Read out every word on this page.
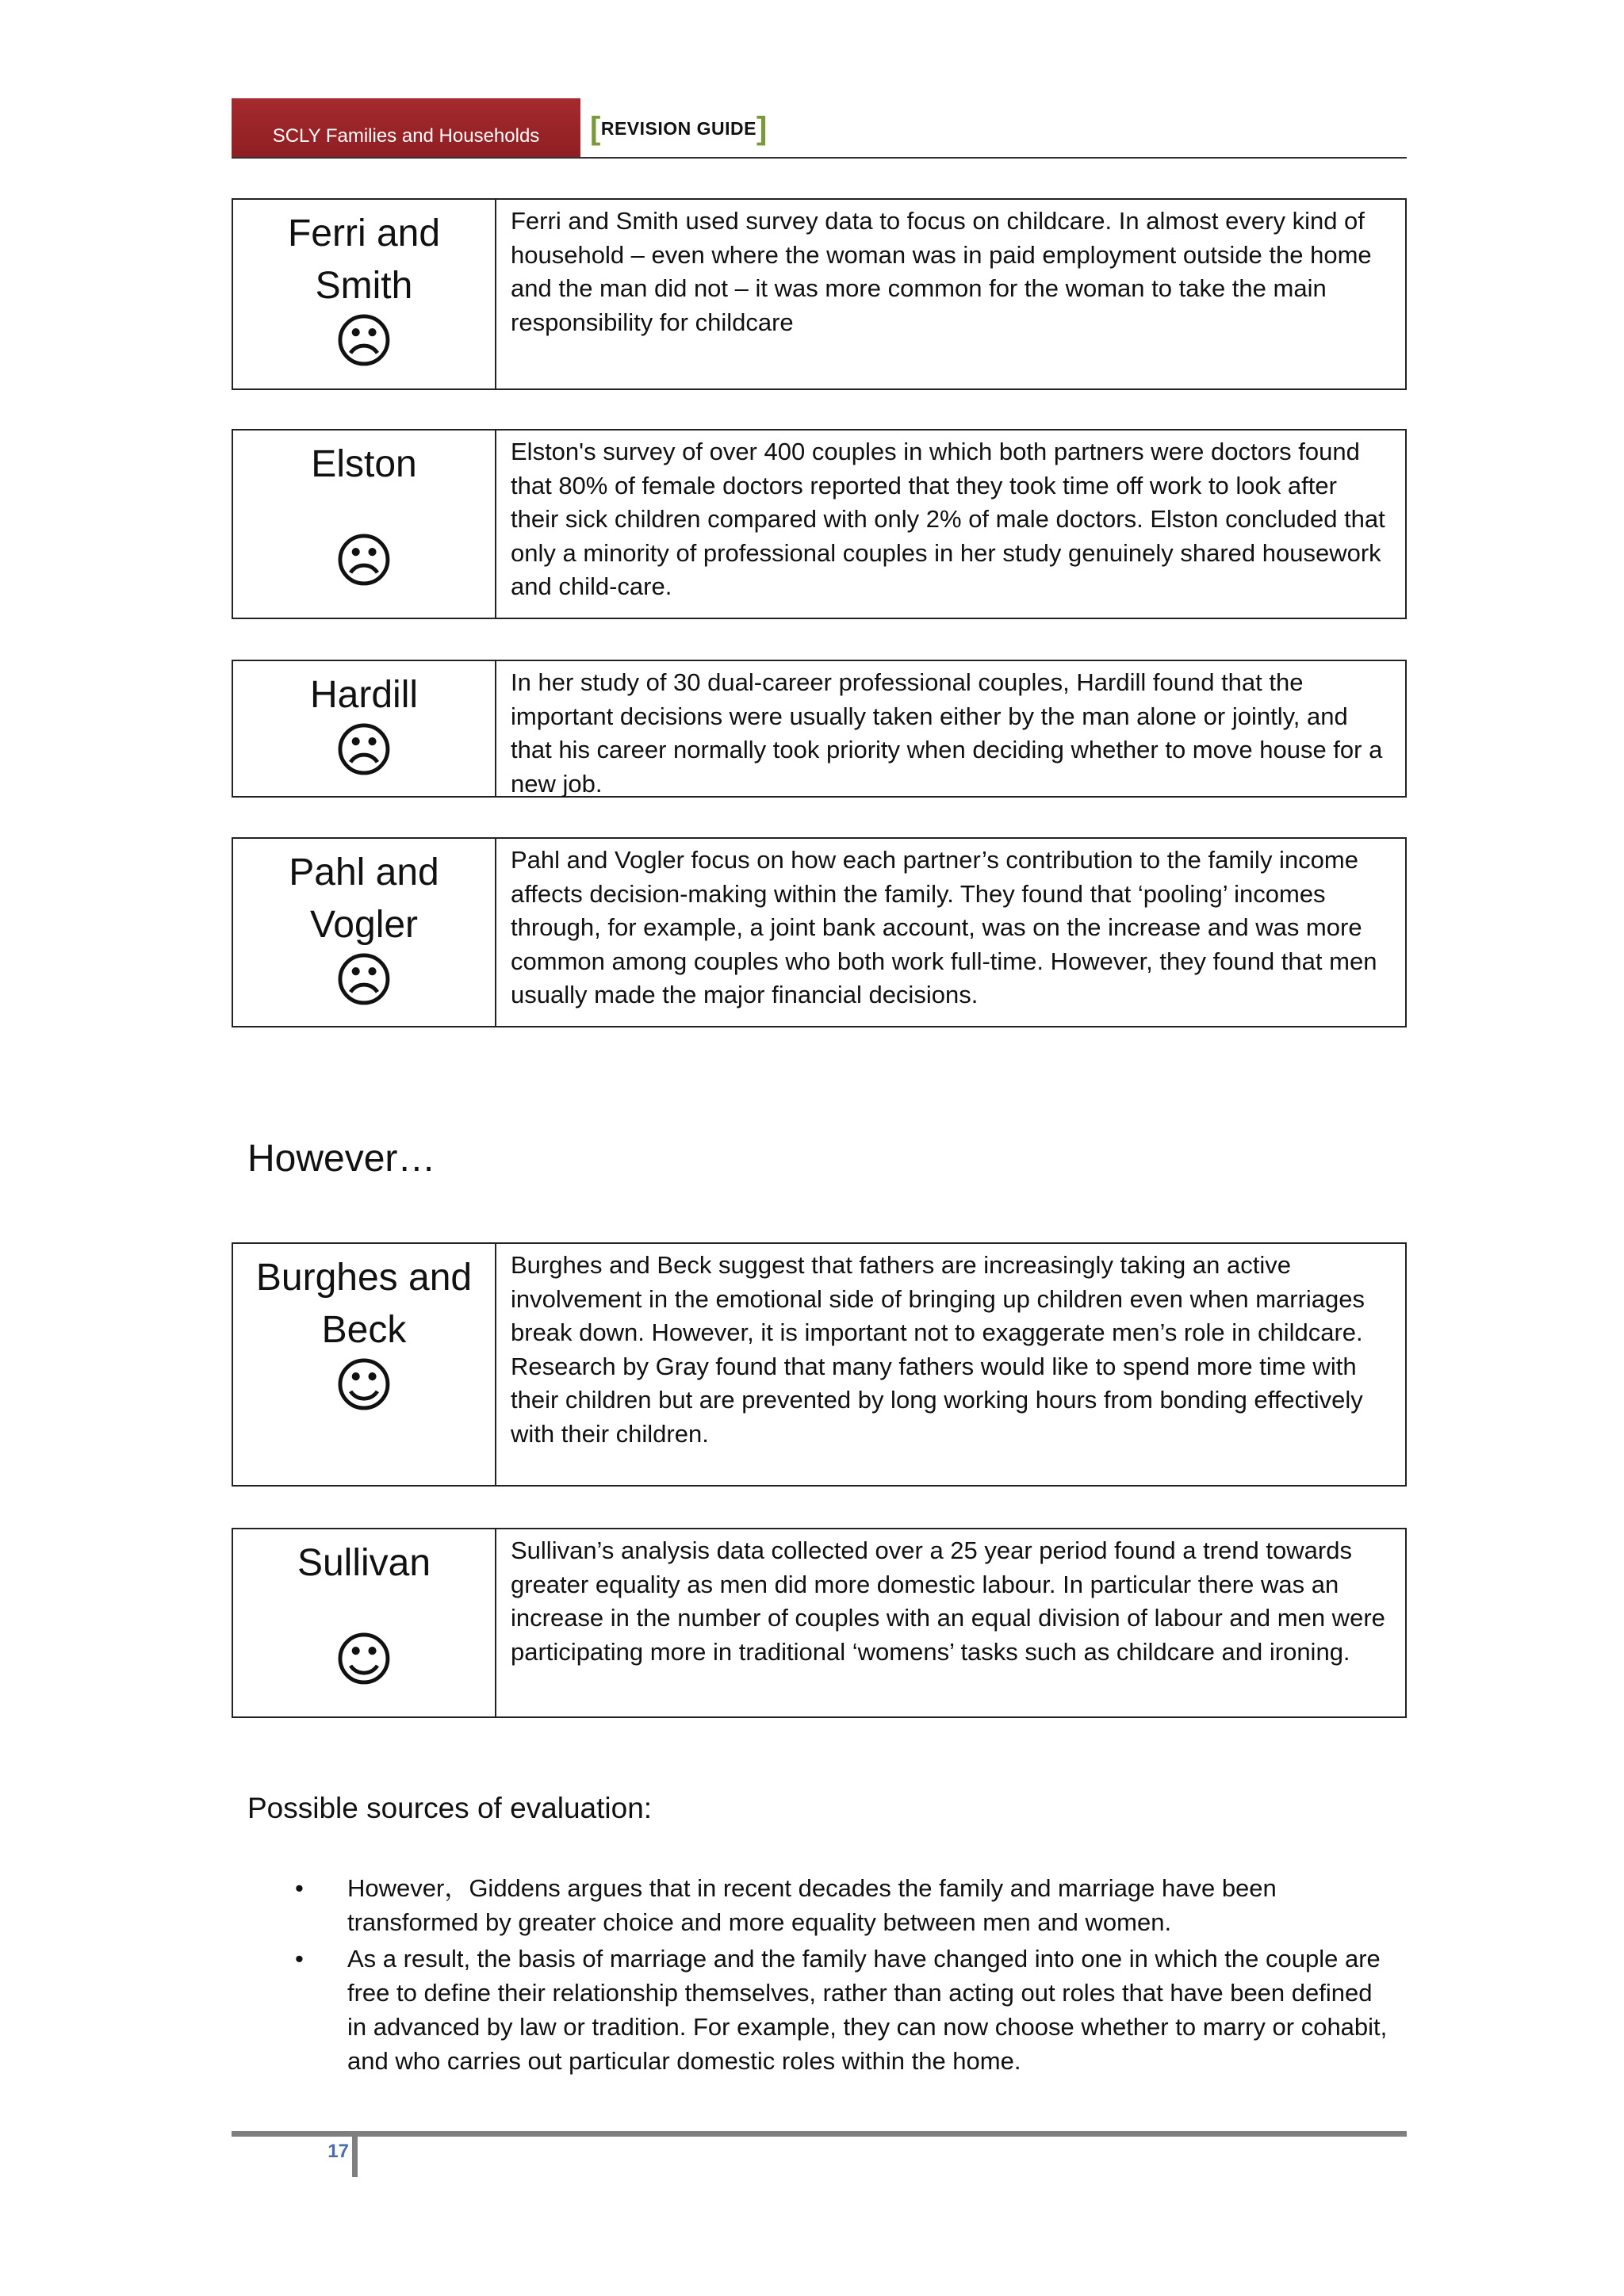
SCLY Families and Households	[ REVISION GUIDE ]
Ferri and Smith
☹
Ferri and Smith used survey data to focus on childcare. In almost every kind of household – even where the woman was in paid employment outside the home and the man did not – it was more common for the woman to take the main responsibility for childcare
Elston
☹
Elston's survey of over 400 couples in which both partners were doctors found that 80% of female doctors reported that they took time off work to look after their sick children compared with only 2% of male doctors. Elston concluded that only a minority of professional couples in her study genuinely shared housework and child-care.
Hardill
☹
In her study of 30 dual-career professional couples, Hardill found that the important decisions were usually taken either by the man alone or jointly, and that his career normally took priority when deciding whether to move house for a new job.
Pahl and Vogler
☹
Pahl and Vogler focus on how each partner’s contribution to the family income affects decision-making within the family. They found that ‘pooling’ incomes through, for example, a joint bank account, was on the increase and was more common among couples who both work full-time. However, they found that men usually made the major financial decisions.
However…
Burghes and Beck
☺
Burghes and Beck suggest that fathers are increasingly taking an active involvement in the emotional side of bringing up children even when marriages break down. However, it is important not to exaggerate men’s role in childcare. Research by Gray found that many fathers would like to spend more time with their children but are prevented by long working hours from bonding effectively with their children.
Sullivan
☺
Sullivan’s analysis data collected over a 25 year period found a trend towards greater equality as men did more domestic labour. In particular there was an increase in the number of couples with an equal division of labour and men were participating more in traditional ‘womens’ tasks such as childcare and ironing.
Possible sources of evaluation:
• However，Giddens argues that in recent decades the family and marriage have been transformed by greater choice and more equality between men and women.
• As a result, the basis of marriage and the family have changed into one in which the couple are free to define their relationship themselves, rather than acting out roles that have been defined in advanced by law or tradition. For example, they can now choose whether to marry or cohabit, and who carries out particular domestic roles within the home.
17
